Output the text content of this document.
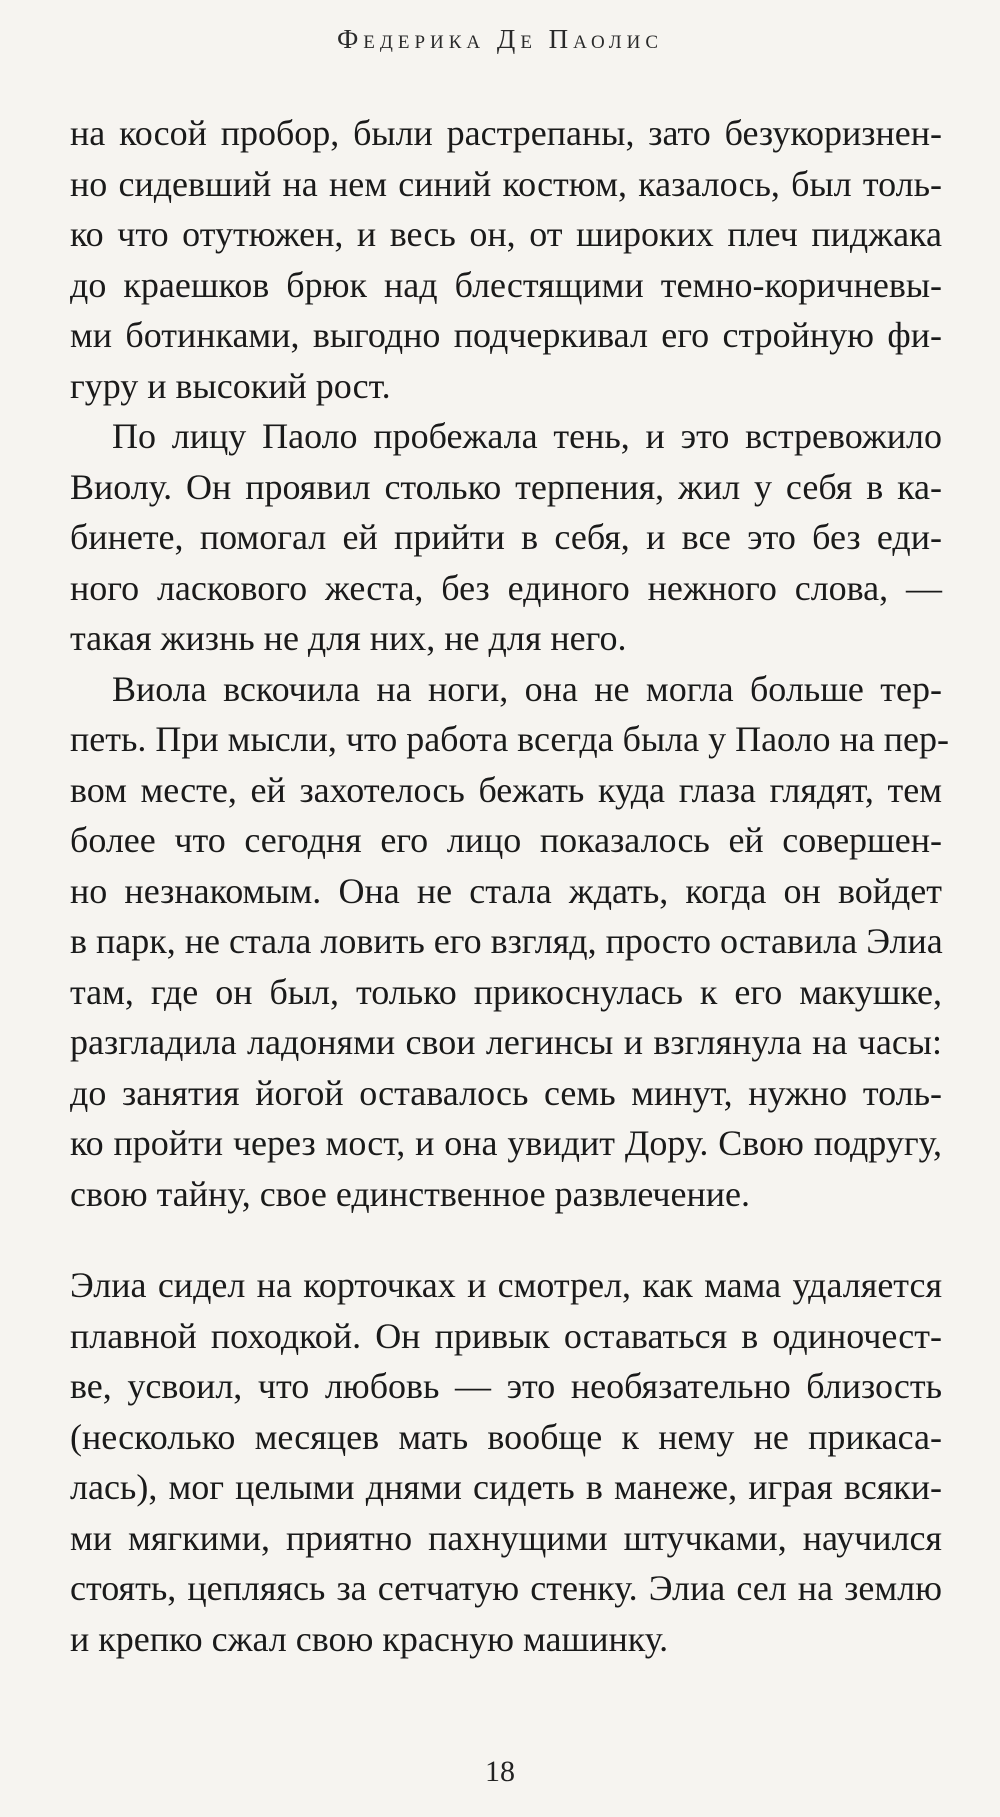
Федерика Де Паолис
на косой пробор, были растрепаны, зато безукоризнен-
но сидевший на нем синий костюм, казалось, был толь-
ко что отутюжен, и весь он, от широких плеч пиджака
до краешков брюк над блестящими темно-коричневы-
ми ботинками, выгодно подчеркивал его стройную фи-
гуру и высокий рост.
По лицу Паоло пробежала тень, и это встревожило
Виолу. Он проявил столько терпения, жил у себя в ка-
бинете, помогал ей прийти в себя, и все это без еди-
ного ласкового жеста, без единого нежного слова, —
такая жизнь не для них, не для него.
Виола вскочила на ноги, она не могла больше тер-
петь. При мысли, что работа всегда была у Паоло на пер-
вом месте, ей захотелось бежать куда глаза глядят, тем
более что сегодня его лицо показалось ей совершен-
но незнакомым. Она не стала ждать, когда он войдет
в парк, не стала ловить его взгляд, просто оставила Элиа
там, где он был, только прикоснулась к его макушке,
разгладила ладонями свои легинсы и взглянула на часы:
до занятия йогой оставалось семь минут, нужно толь-
ко пройти через мост, и она увидит Дору. Свою подругу,
свою тайну, свое единственное развлечение.
Элиа сидел на корточках и смотрел, как мама удаляется
плавной походкой. Он привык оставаться в одиночест-
ве, усвоил, что любовь — это необязательно близость
(несколько месяцев мать вообще к нему не прикаса-
лась), мог целыми днями сидеть в манеже, играя всяки-
ми мягкими, приятно пахнущими штучками, научился
стоять, цепляясь за сетчатую стенку. Элиа сел на землю
и крепко сжал свою красную машинку.
18
